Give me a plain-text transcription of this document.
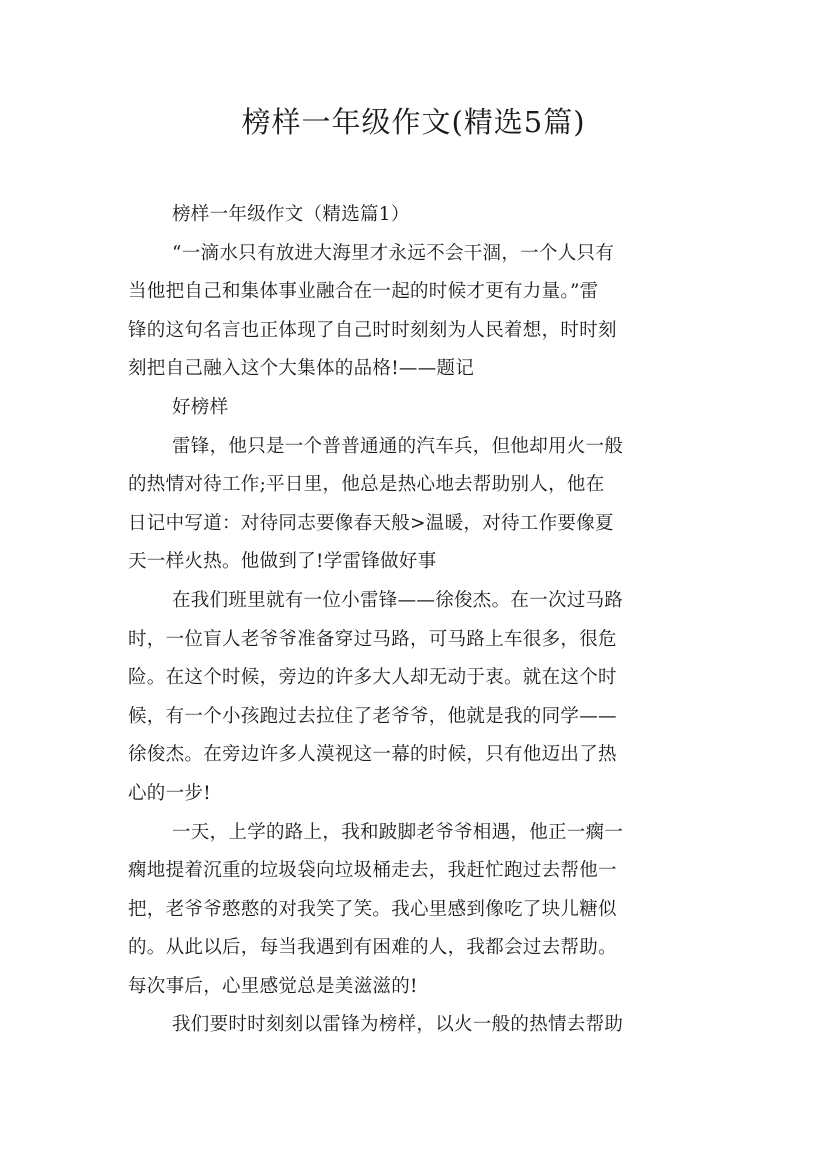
榜样一年级作文(精选5篇)
榜样一年级作文（精选篇1）
“一滴水只有放进大海里才永远不会干涸，一个人只有
当他把自己和集体事业融合在一起的时候才更有力量。”雷
锋的这句名言也正体现了自己时时刻刻为人民着想，时时刻
刻把自己融入这个大集体的品格!——题记
好榜样
雷锋，他只是一个普普通通的汽车兵，但他却用火一般
的热情对待工作;平日里，他总是热心地去帮助别人，他在
日记中写道：对待同志要像春天般>温暖，对待工作要像夏
天一样火热。他做到了!学雷锋做好事
在我们班里就有一位小雷锋——徐俊杰。在一次过马路
时，一位盲人老爷爷准备穿过马路，可马路上车很多，很危
险。在这个时候，旁边的许多大人却无动于衷。就在这个时
候，有一个小孩跑过去拉住了老爷爷，他就是我的同学——
徐俊杰。在旁边许多人漠视这一幕的时候，只有他迈出了热
心的一步!
一天，上学的路上，我和跛脚老爷爷相遇，他正一瘸一
瘸地提着沉重的垃圾袋向垃圾桶走去，我赶忙跑过去帮他一
把，老爷爷憨憨的对我笑了笑。我心里感到像吃了块儿糖似
的。从此以后，每当我遇到有困难的人，我都会过去帮助。
每次事后，心里感觉总是美滋滋的!
我们要时时刻刻以雷锋为榜样，以火一般的热情去帮助
